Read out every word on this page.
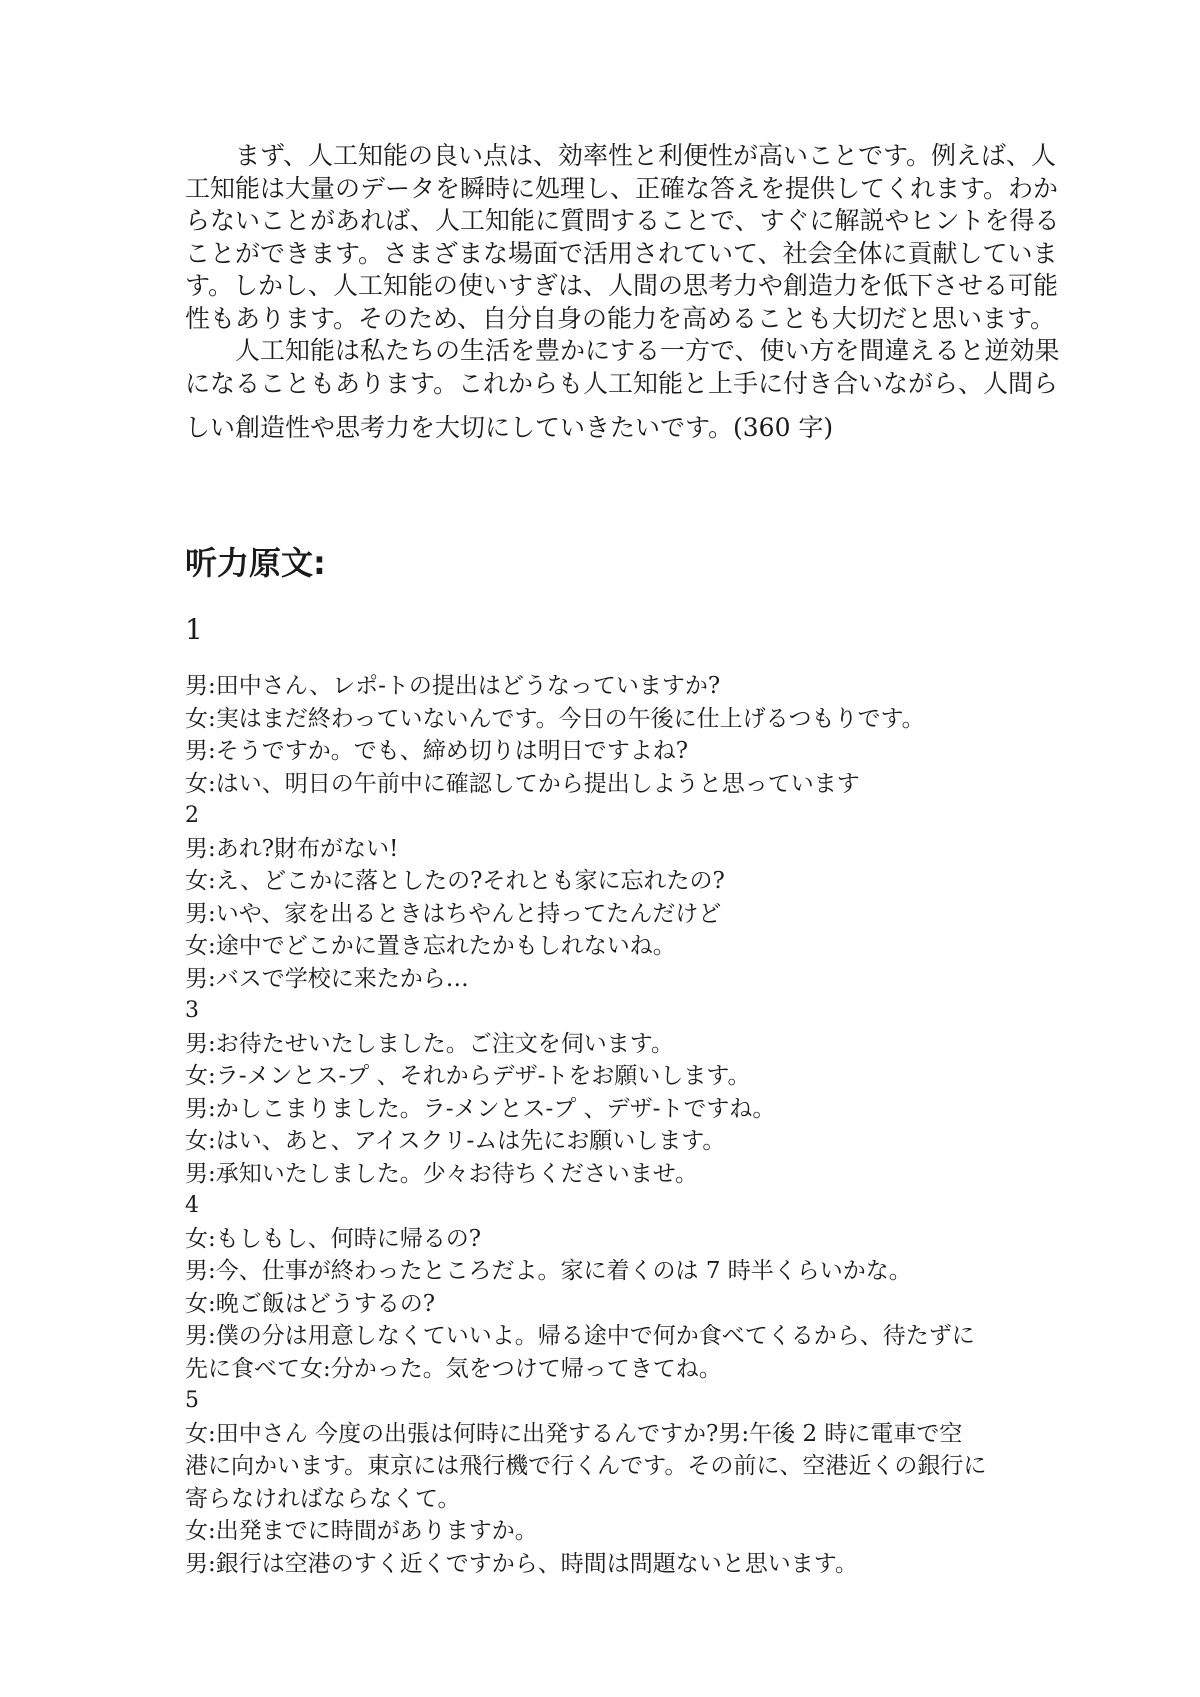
まず、人工知能の良い点は、効率性と利便性が高いことです。例えば、人
工知能は大量のデータを瞬時に処理し、正確な答えを提供してくれます。わか
らないことがあれば、人工知能に質問することで、すぐに解説やヒントを得る
ことができます。さまざまな場面で活用されていて、社会全体に貢献していま
す。しかし、人工知能の使いすぎは、人間の思考力や創造力を低下させる可能
性もあります。そのため、自分自身の能力を高めることも大切だと思います。

人工知能は私たちの生活を豊かにする一方で、使い方を間違えると逆効果
になることもあります。これからも人工知能と上手に付き合いながら、人間ら
しい創造性や思考力を大切にしていきたいです。(360 字)

听力原文:

1

男:田中さん、レポ-トの提出はどうなっていますか?

女:実はまだ終わっていないんです。今日の午後に仕上げるつもりです。

男:そうですか。でも、締め切りは明日ですよね?

女:はい、明日の午前中に確認してから提出しようと思っています

2

男:あれ?財布がない!

女:え、どこかに落としたの?それとも家に忘れたの?

男:いや、家を出るときはちやんと持ってたんだけど

女:途中でどこかに置き忘れたかもしれないね。

男:バスで学校に来たから…

3

男:お待たせいたしました。ご注文を伺います。

女:ラ-メンとス-プ 、それからデザ-トをお願いします。

男:かしこまりました。ラ-メンとス-プ 、デザ-トですね。

女:はい、あと、アイスクリ-ムは先にお願いします。

男:承知いたしました。少々お待ちくださいませ。

4

女:もしもし、何時に帰るの?

男:今、仕事が終わったところだよ。家に着くのは 7 時半くらいかな。

女:晩ご飯はどうするの?

男:僕の分は用意しなくていいよ。帰る途中で何か食べてくるから、待たずに

先に食べて女:分かった。気をつけて帰ってきてね。

5

女:田中さん 今度の出張は何時に出発するんですか?男:午後 2 時に電車で空

港に向かいます。東京には飛行機で行くんです。その前に、空港近くの銀行に

寄らなければならなくて。

女:出発までに時間がありますか。

男:銀行は空港のすく近くですから、時間は問題ないと思います。
